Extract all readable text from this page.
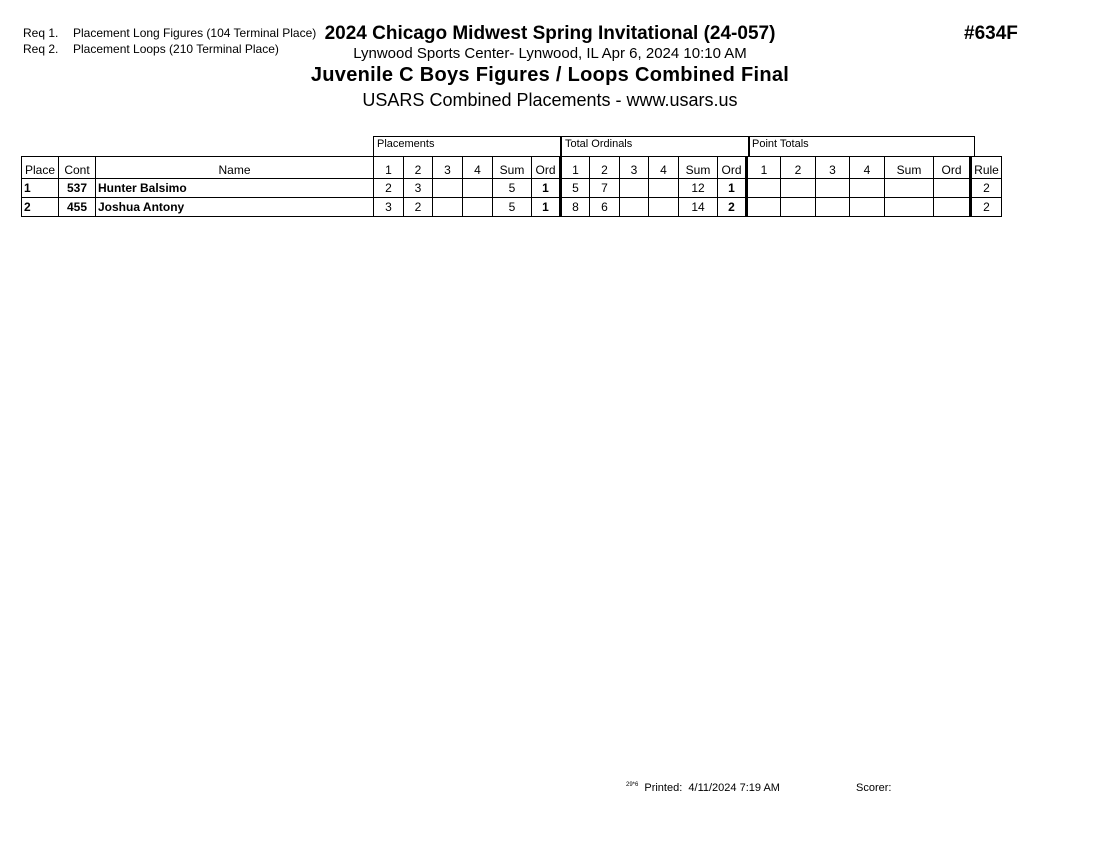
Req 1. Placement Long Figures (104 Terminal Place)
Req 2. Placement Loops (210 Terminal Place)
2024 Chicago Midwest Spring Invitational (24-057)
Lynwood Sports Center- Lynwood, IL Apr 6, 2024 10:10 AM
Juvenile C Boys Figures / Loops Combined Final
USARS Combined Placements - www.usars.us
#634F
Placements	Total Ordinals	Point Totals
Place	Cont	Name	1	2	3	4	Sum	Ord	1	2	3	4	Sum	Ord	1	2	3	4	Sum	Ord	Rule
1	537	Hunter Balsimo	2	3			5	1	5	7			12	1							2
2	455	Joshua Antony	3	2			5	1	8	6			14	2							2
$^{29*6}$ Printed: 4/11/2024 7:19 AM	Scorer:
